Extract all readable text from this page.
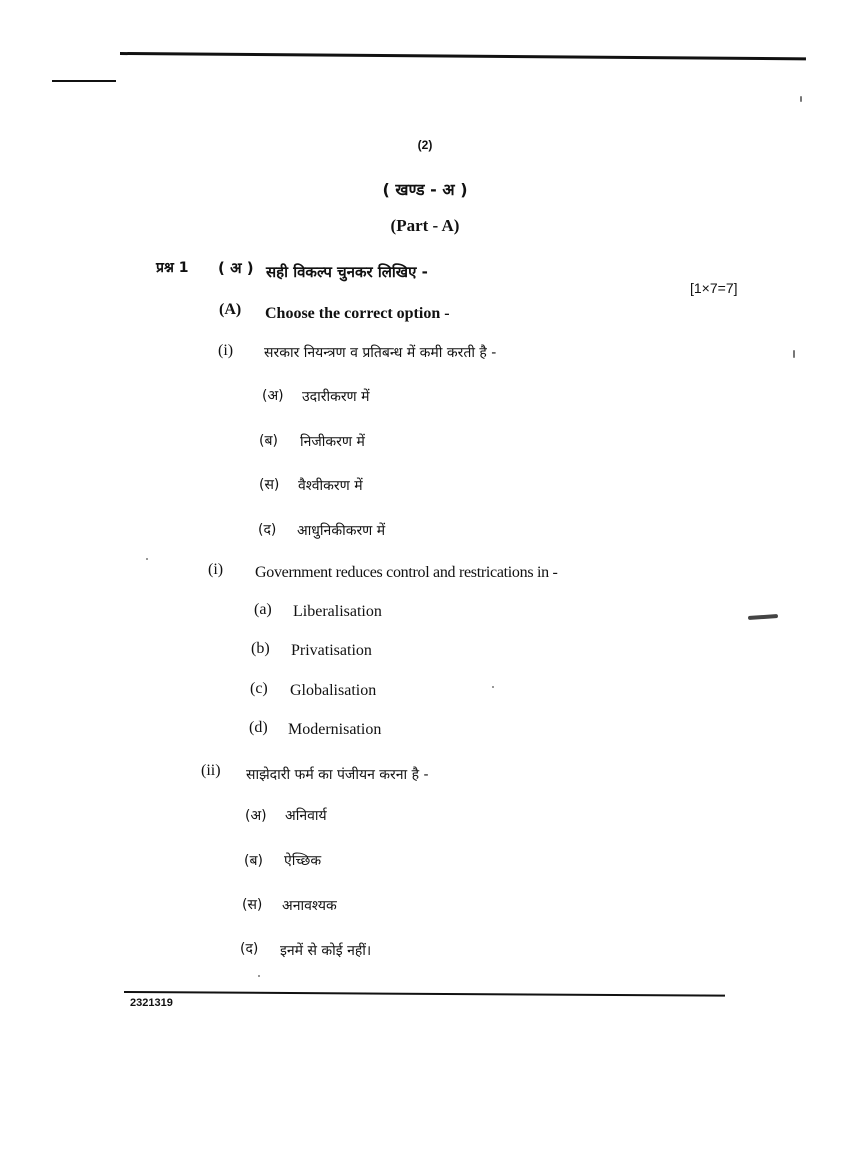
(2)
( खण्ड - अ )
(Part - A)
प्रश्न 1 ( अ ) सही विकल्प चुनकर लिखिए -
[1×7=7]
(A) Choose the correct option -
(i) सरकार नियन्त्रण व प्रतिबन्ध में कमी करती है -
(अ) उदारीकरण में
(ब) निजीकरण में
(स) वैश्वीकरण में
(द) आधुनिकीकरण में
(i) Government reduces control and restrications in -
(a) Liberalisation
(b) Privatisation
(c) Globalisation
(d) Modernisation
(ii) साझेदारी फर्म का पंजीयन करना है -
(अ) अनिवार्य
(ब) ऐच्छिक
(स) अनावश्यक
(द) इनमें से कोई नहीं।
2321319
